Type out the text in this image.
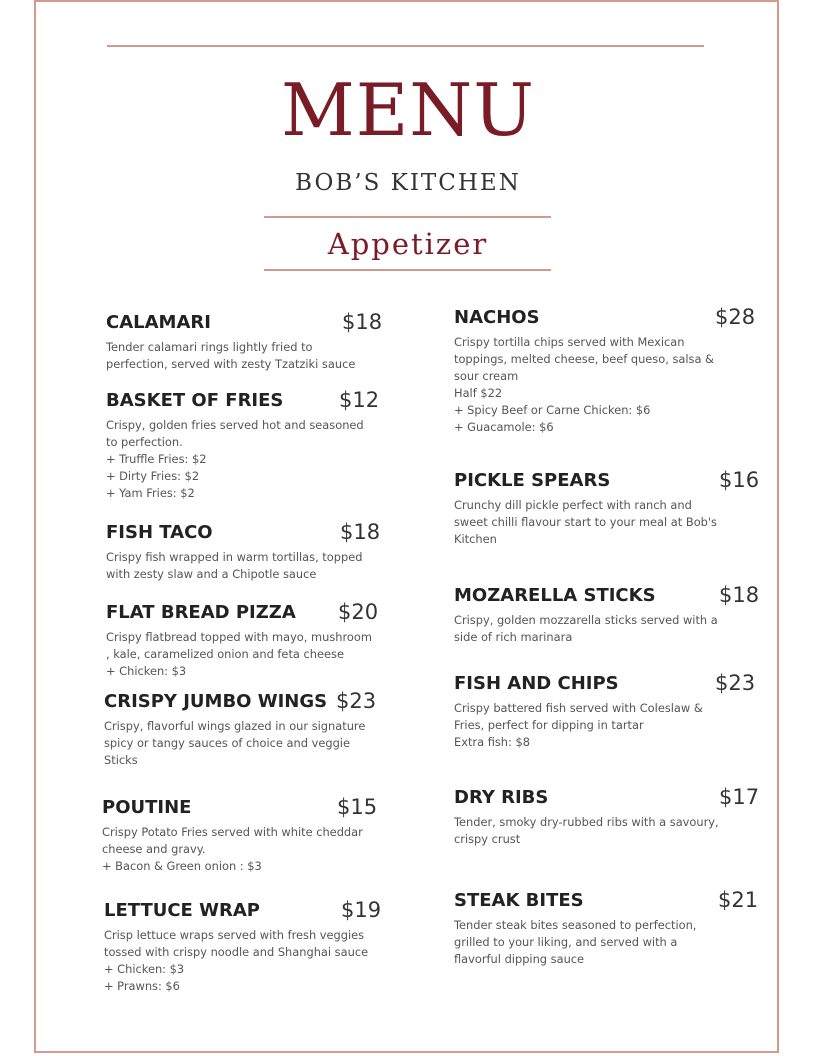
MENU
BOB’S KITCHEN
Appetizer
CALAMARI	$18
Tender calamari rings lightly fried to
perfection, served with zesty Tzatziki sauce
BASKET OF FRIES	$12
Crispy, golden fries served hot and seasoned
to perfection.
+ Truffle Fries: $2
+ Dirty Fries: $2
+ Yam Fries: $2
FISH TACO	$18
Crispy fish wrapped in warm tortillas, topped
with zesty slaw and a Chipotle sauce
FLAT BREAD PIZZA $20
Crispy flatbread topped with mayo, mushroom
, kale, caramelized onion and feta cheese
+ Chicken: $3
CRISPY JUMBO WINGS $23
Crispy, flavorful wings glazed in our signature
spicy or tangy sauces of choice and veggie
Sticks
POUTINE	$15
Crispy Potato Fries served with white cheddar
cheese and gravy.
+ Bacon & Green onion : $3
LETTUCE WRAP	$19
Crisp lettuce wraps served with fresh veggies
tossed with crispy noodle and Shanghai sauce
+ Chicken: $3
+ Prawns: $6
NACHOS	$28
Crispy tortilla chips served with Mexican
toppings, melted cheese, beef queso, salsa &
sour cream
Half $22
+ Spicy Beef or Carne Chicken: $6
+ Guacamole: $6
PICKLE SPEARS	$16
Crunchy dill pickle perfect with ranch and
sweet chilli flavour start to your meal at Bob's
Kitchen
MOZARELLA STICKS	$18
Crispy, golden mozzarella sticks served with a
side of rich marinara
FISH AND CHIPS	$23
Crispy battered fish served with Coleslaw &
Fries, perfect for dipping in tartar
Extra fish: $8
DRY RIBS	$17
Tender, smoky dry-rubbed ribs with a savoury,
crispy crust
STEAK BITES	$21
Tender steak bites seasoned to perfection,
grilled to your liking, and served with a
flavorful dipping sauce
